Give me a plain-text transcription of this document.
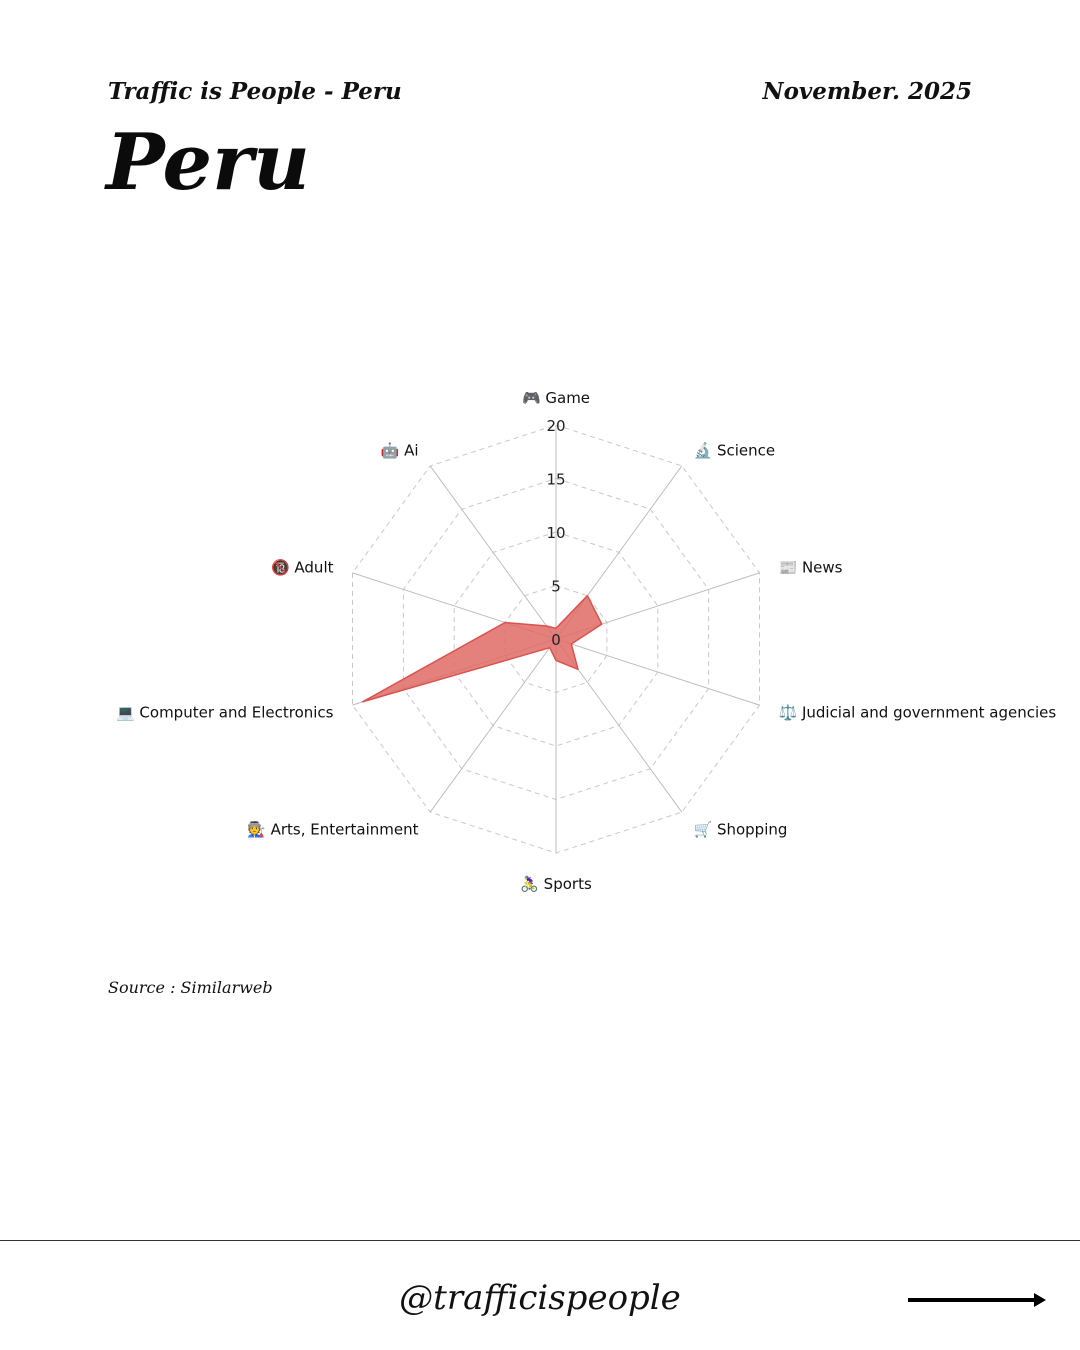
Traffic is People - Peru	November. 2025
Peru
0
5
10
15
20
🎮 Game
🔬 Science
📰 News
⚖️ Judicial and government agencies
🛒 Shopping
🚴‍♀️ Sports
🧑‍🏭 Arts, Entertainment
💻 Computer and Electronics
🔞 Adult
🤖 Ai
Source : Similarweb
@trafficispeople
